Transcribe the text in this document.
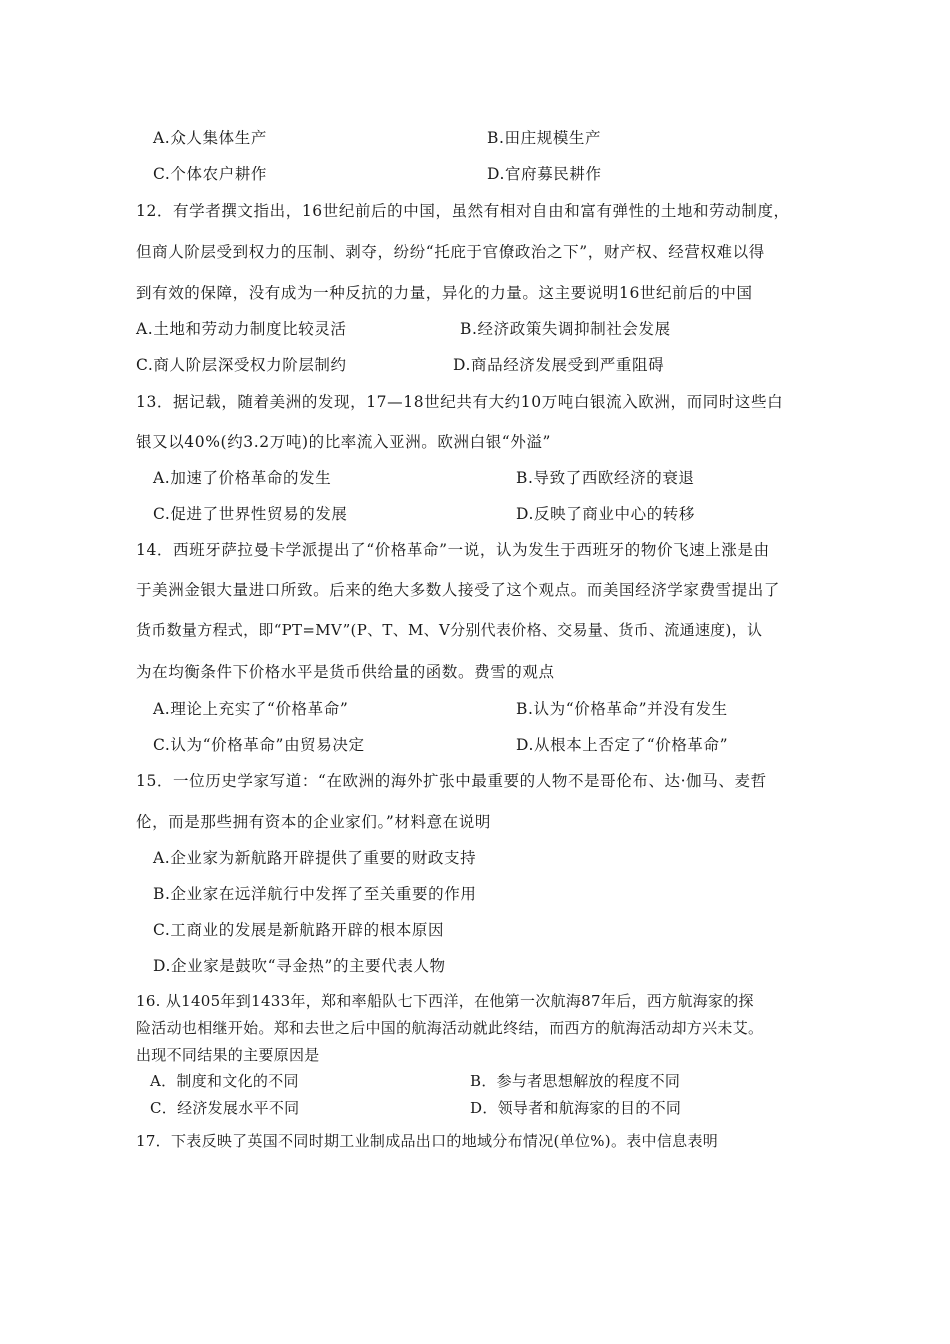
A.众人集体生产	B.田庄规模生产
C.个体农户耕作	D.官府募民耕作
12．有学者撰文指出，16世纪前后的中国，虽然有相对自由和富有弹性的土地和劳动制度，
但商人阶层受到权力的压制、剥夺，纷纷“托庇于官僚政治之下”，财产权、经营权难以得
到有效的保障，没有成为一种反抗的力量，异化的力量。这主要说明16世纪前后的中国
A.土地和劳动力制度比较灵活	B.经济政策失调抑制社会发展
C.商人阶层深受权力阶层制约	D.商品经济发展受到严重阻碍
13．据记载，随着美洲的发现，17—18世纪共有大约10万吨白银流入欧洲，而同时这些白
银又以40%(约3.2万吨)的比率流入亚洲。欧洲白银“外溢”
A.加速了价格革命的发生	B.导致了西欧经济的衰退
C.促进了世界性贸易的发展	D.反映了商业中心的转移
14．西班牙萨拉曼卡学派提出了“价格革命”一说，认为发生于西班牙的物价飞速上涨是由
于美洲金银大量进口所致。后来的绝大多数人接受了这个观点。而美国经济学家费雪提出了
货币数量方程式，即“PT=MV”(P、T、M、V分别代表价格、交易量、货币、流通速度)，认
为在均衡条件下价格水平是货币供给量的函数。费雪的观点
A.理论上充实了“价格革命”	B.认为“价格革命”并没有发生
C.认为“价格革命”由贸易决定	D.从根本上否定了“价格革命”
15．一位历史学家写道：“在欧洲的海外扩张中最重要的人物不是哥伦布、达·伽马、麦哲
伦，而是那些拥有资本的企业家们。”材料意在说明
A.企业家为新航路开辟提供了重要的财政支持
B.企业家在远洋航行中发挥了至关重要的作用
C.工商业的发展是新航路开辟的根本原因
D.企业家是鼓吹“寻金热”的主要代表人物
16. 从1405年到1433年，郑和率船队七下西洋，在他第一次航海87年后，西方航海家的探
险活动也相继开始。郑和去世之后中国的航海活动就此终结，而西方的航海活动却方兴未艾。
出现不同结果的主要原因是
A．制度和文化的不同	B．参与者思想解放的程度不同
C．经济发展水平不同	D．领导者和航海家的目的不同
17．下表反映了英国不同时期工业制成品出口的地域分布情况(单位%)。表中信息表明
